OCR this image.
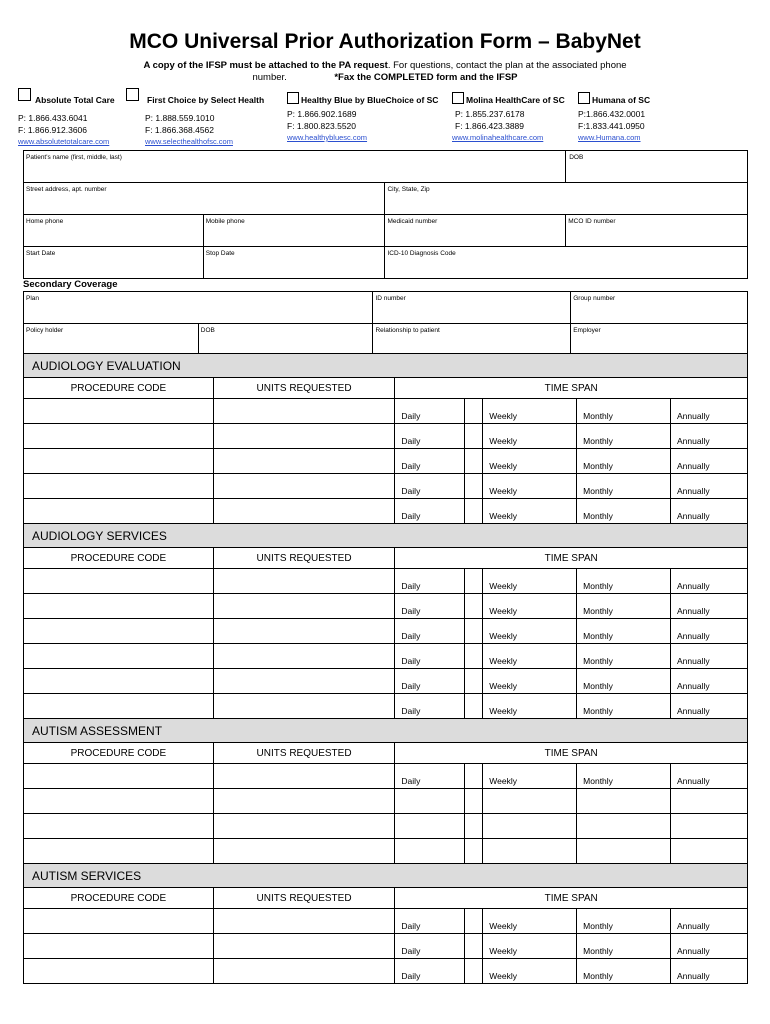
MCO Universal Prior Authorization Form – BabyNet
A copy of the IFSP must be attached to the PA request. For questions, contact the plan at the associated phone
number.	*Fax the COMPLETED form and the IFSP
Absolute Total Care
P: 1.866.433.6041
F: 1.866.912.3606
www.absolutetotalcare.com
First Choice by Select Health
P: 1.888.559.1010
F: 1.866.368.4562
www.selecthealthofsc.com
Healthy Blue by BlueChoice of SC
P: 1.866.902.1689
F: 1.800.823.5520
www.healthybluesc.com
Molina HealthCare of SC
P: 1.855.237.6178
F: 1.866.423.3889
www.molinahealthcare.com
Humana of SC
P:1.866.432.0001
F:1.833.441.0950
www.Humana.com
Patient's name (first, middle, last)			DOB
Street address, apt. number		City, State, Zip	
Home phone	Mobile phone	Medicaid number	MCO ID number
Start Date	Stop Date	ICD-10 Diagnosis Code	
Secondary Coverage
Plan		ID number	Group number
Policy holder	DOB	Relationship to patient	Employer
AUDIOLOGY EVALUATION						
PROCEDURE CODE	UNITS REQUESTED	TIME SPAN				
		Daily		Weekly	Monthly	Annually
		Daily		Weekly	Monthly	Annually
		Daily		Weekly	Monthly	Annually
		Daily		Weekly	Monthly	Annually
		Daily		Weekly	Monthly	Annually
AUDIOLOGY SERVICES						
PROCEDURE CODE	UNITS REQUESTED	TIME SPAN				
		Daily		Weekly	Monthly	Annually
		Daily		Weekly	Monthly	Annually
		Daily		Weekly	Monthly	Annually
		Daily		Weekly	Monthly	Annually
		Daily		Weekly	Monthly	Annually
		Daily		Weekly	Monthly	Annually
AUTISM ASSESSMENT						
PROCEDURE CODE	UNITS REQUESTED	TIME SPAN				
		Daily		Weekly	Monthly	Annually

AUTISM SERVICES						
PROCEDURE CODE	UNITS REQUESTED	TIME SPAN				
		Daily		Weekly	Monthly	Annually
		Daily		Weekly	Monthly	Annually
		Daily		Weekly	Monthly	Annually
